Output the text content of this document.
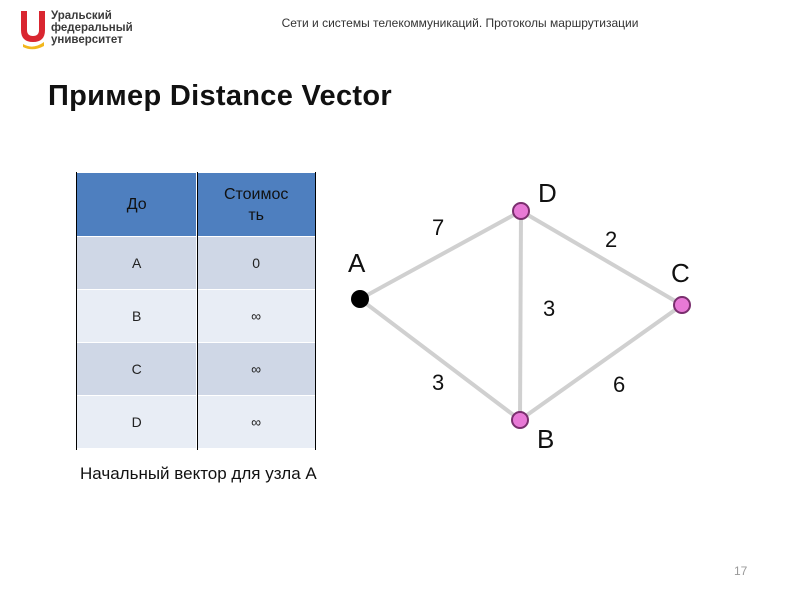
Уральский
федеральный
университет
Сети и системы телекоммуникаций. Протоколы маршрутизации
Пример Distance Vector
До	Стоимос
ть
A	0
B	∞
C	∞
D	∞
7	2
3
3	6
A
B
C
D
Начальный вектор для узла A
17
